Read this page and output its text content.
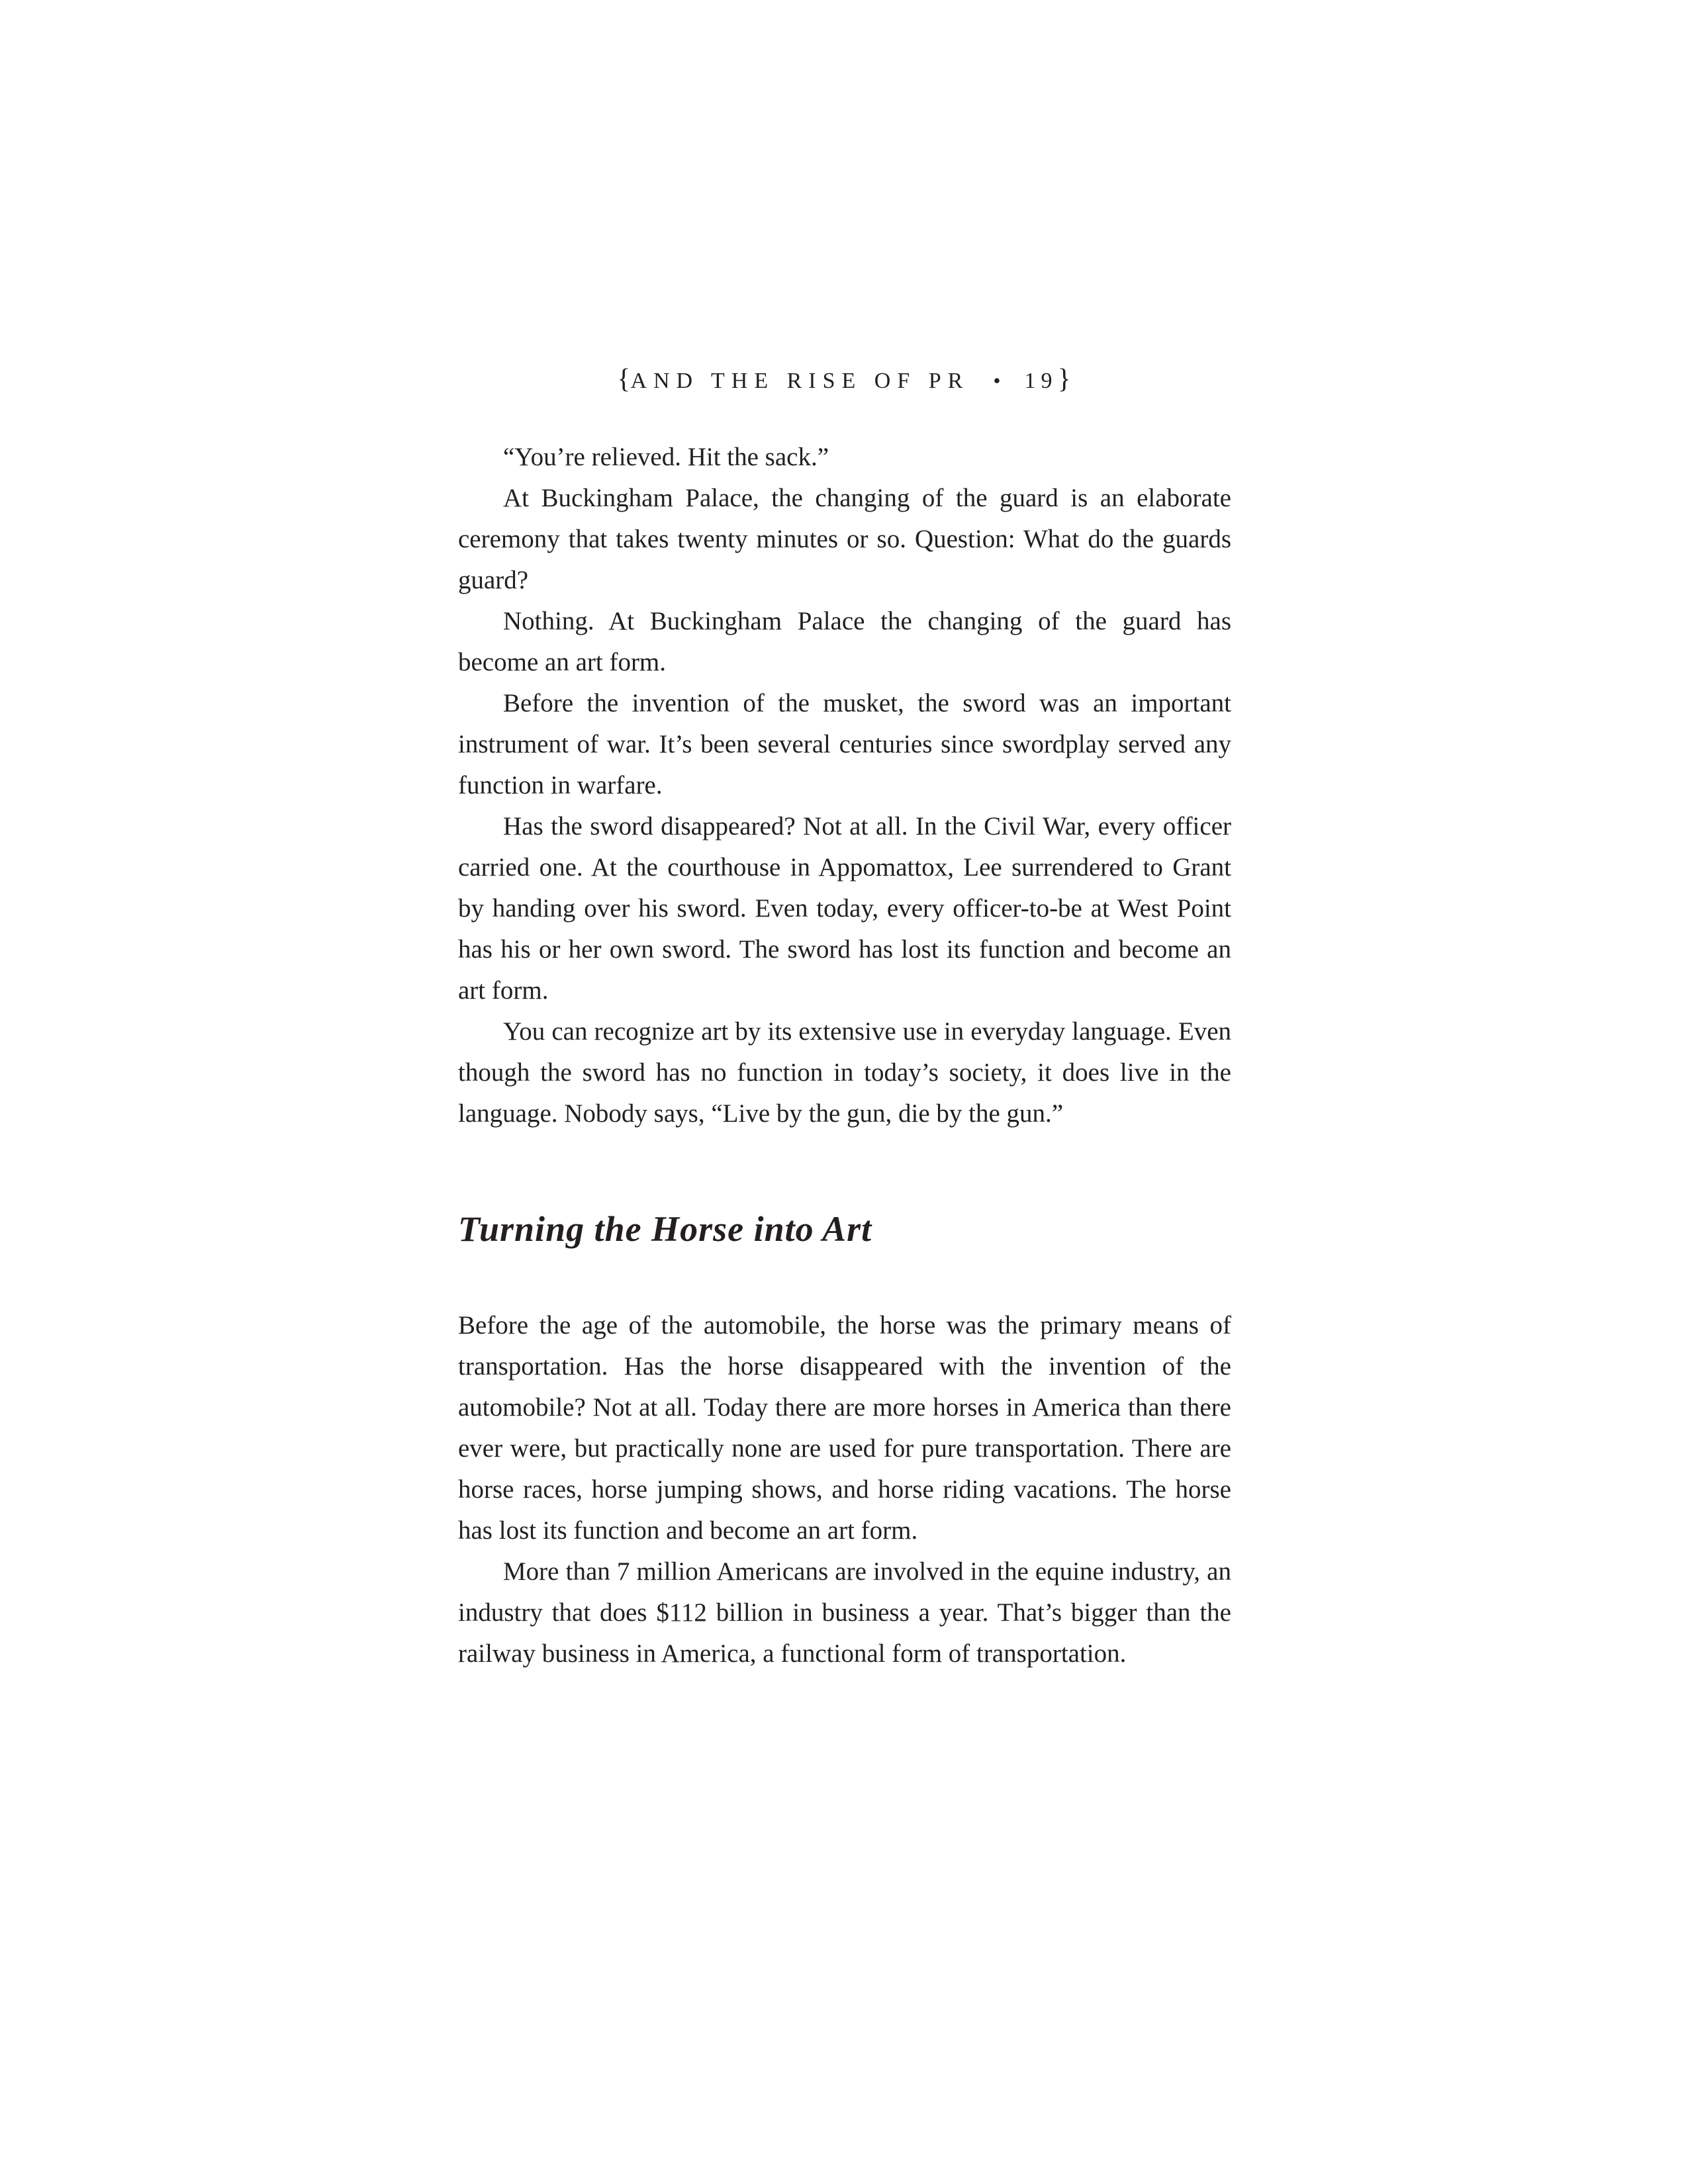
{AND THE RISE OF PR • 19}

“You’re relieved. Hit the sack.”

At Buckingham Palace, the changing of the guard is an elaborate ceremony that takes twenty minutes or so. Question: What do the guards guard?

Nothing. At Buckingham Palace the changing of the guard has become an art form.

Before the invention of the musket, the sword was an important instrument of war. It’s been several centuries since swordplay served any function in warfare.

Has the sword disappeared? Not at all. In the Civil War, every officer carried one. At the courthouse in Appomattox, Lee surrendered to Grant by handing over his sword. Even today, every officer-to-be at West Point has his or her own sword. The sword has lost its function and become an art form.

You can recognize art by its extensive use in everyday language. Even though the sword has no function in today’s society, it does live in the language. Nobody says, “Live by the gun, die by the gun.”

Turning the Horse into Art

Before the age of the automobile, the horse was the primary means of transportation. Has the horse disappeared with the invention of the automobile? Not at all. Today there are more horses in America than there ever were, but practically none are used for pure transportation. There are horse races, horse jumping shows, and horse riding vacations. The horse has lost its function and become an art form.

More than 7 million Americans are involved in the equine industry, an industry that does $112 billion in business a year. That’s bigger than the railway business in America, a functional form of transportation.
